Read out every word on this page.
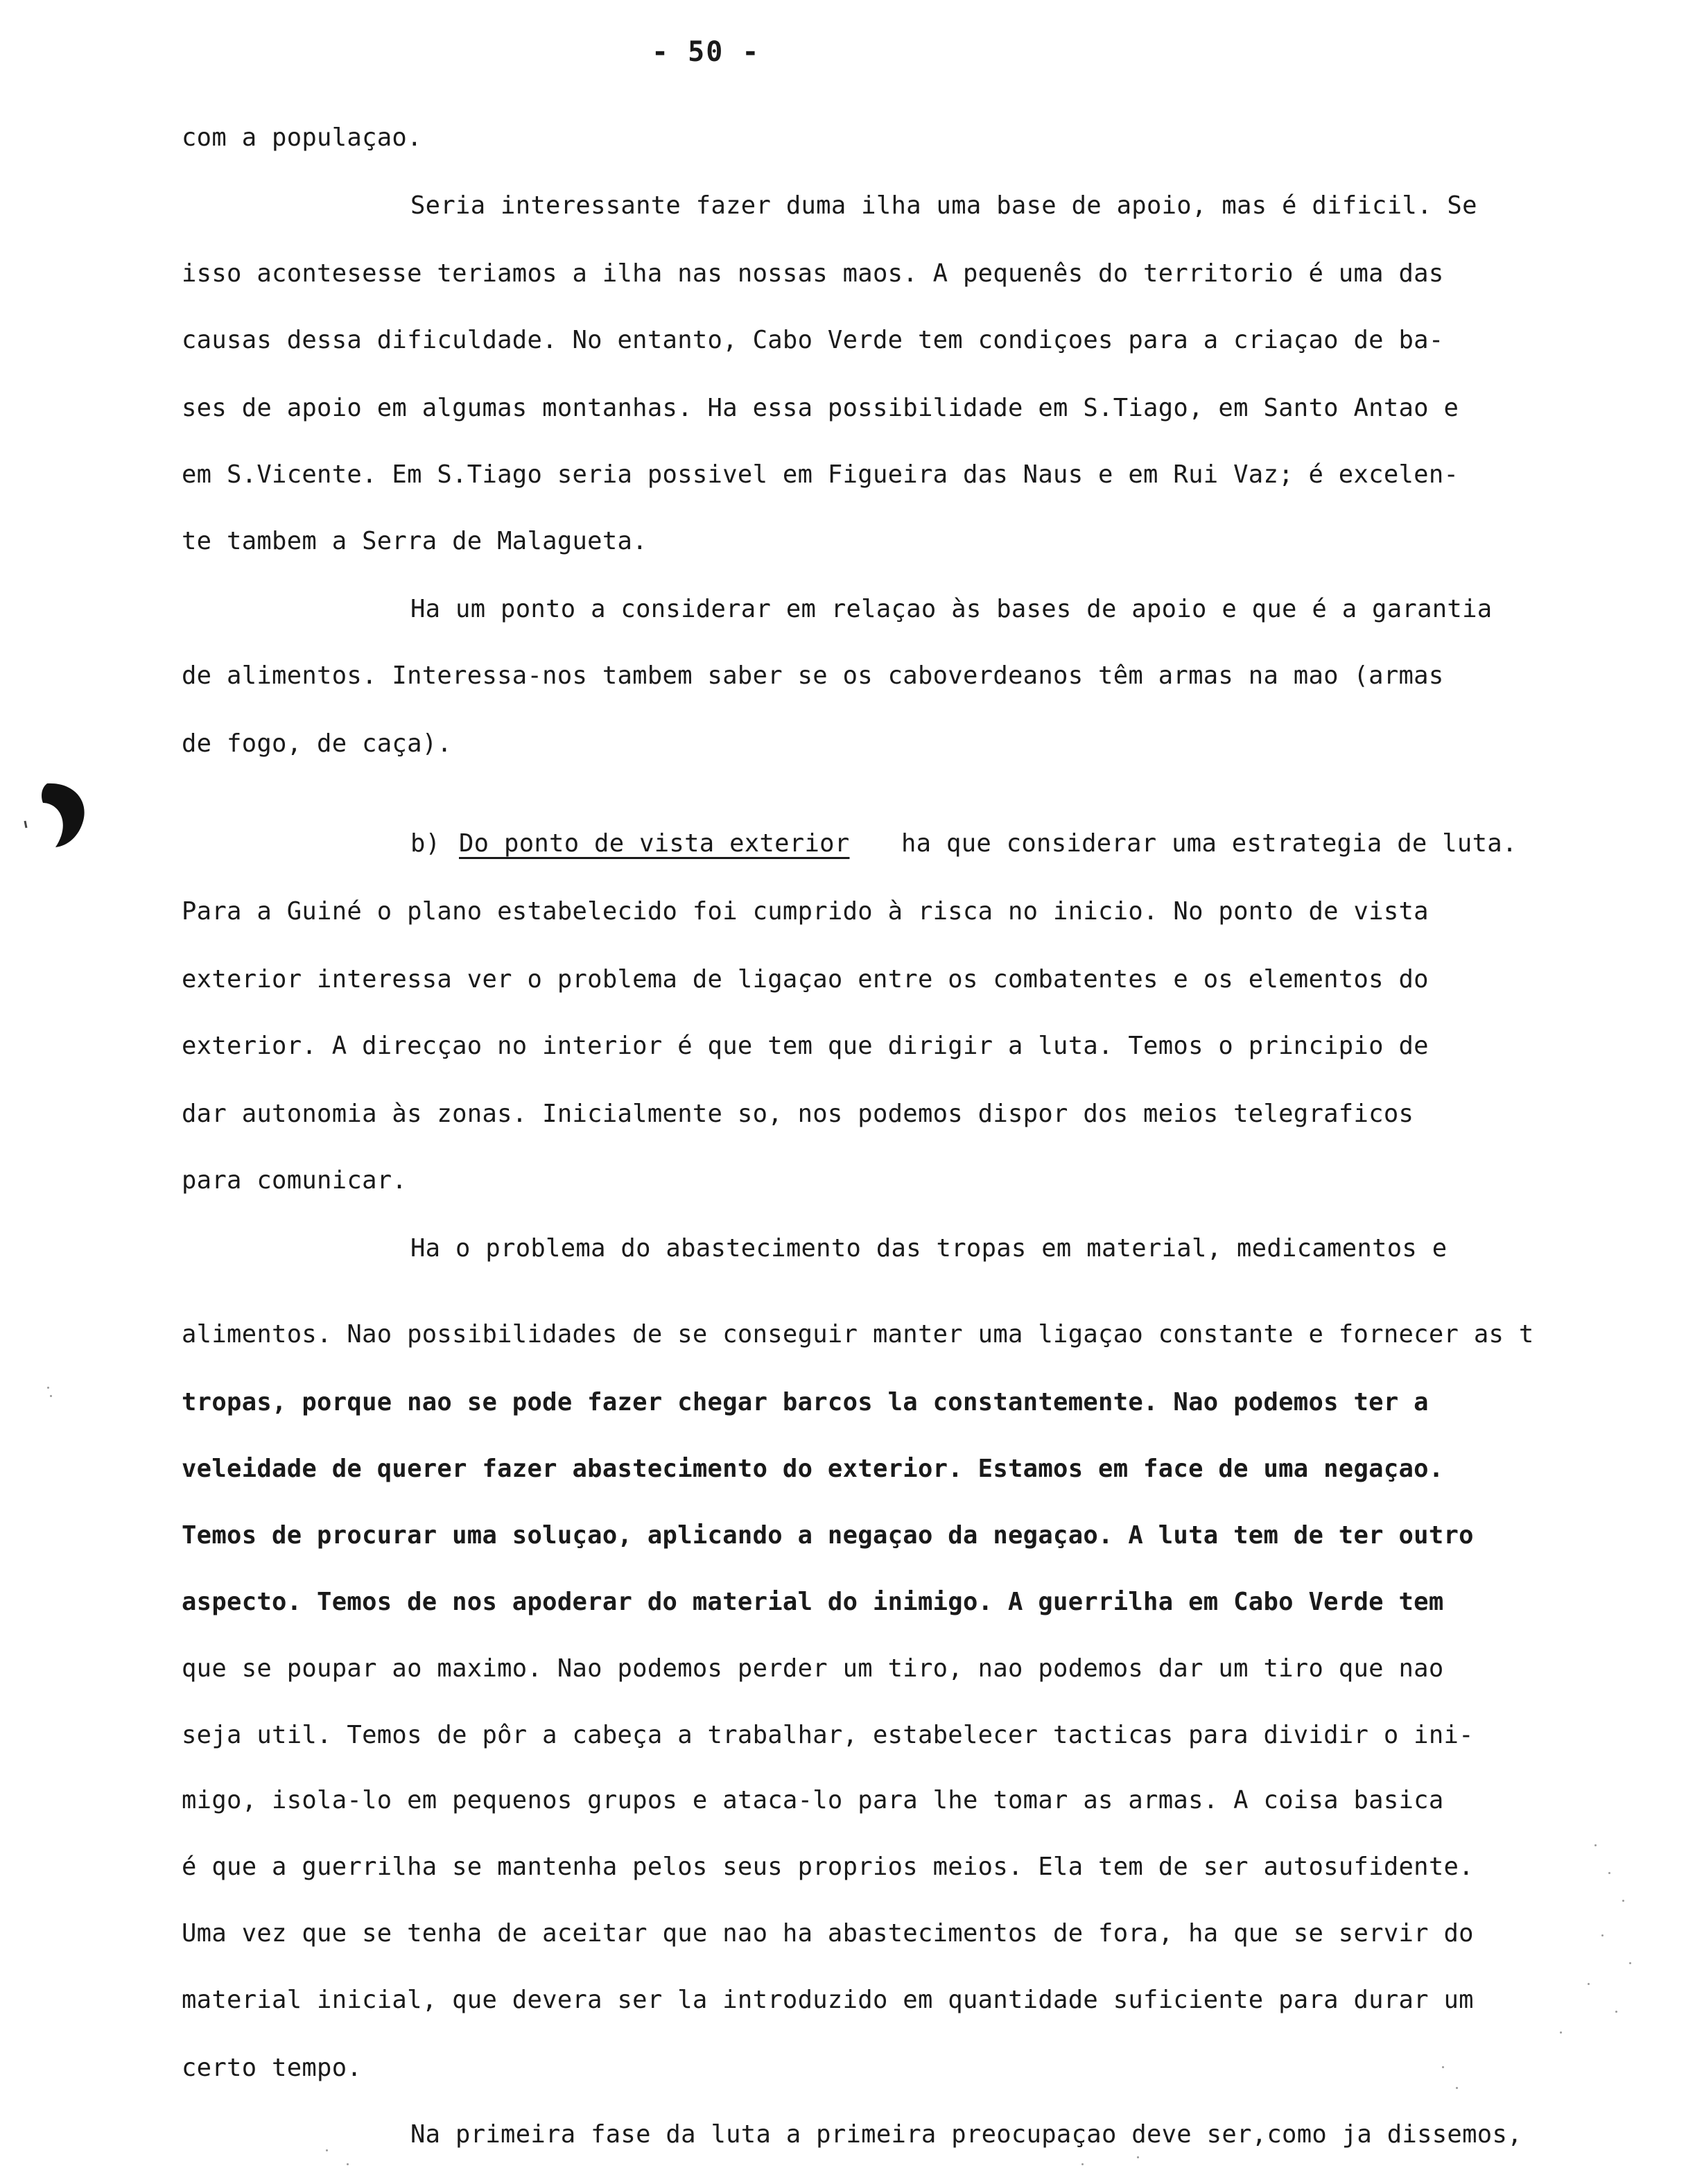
- 50 -
com a populaçao.
Seria interessante fazer duma ilha uma base de apoio, mas é dificil. Se
isso acontesesse teriamos a ilha nas nossas maos. A pequenês do territorio é uma das
causas dessa dificuldade. No entanto, Cabo Verde tem condiçoes para a criaçao de ba-
ses de apoio em algumas montanhas. Ha essa possibilidade em S.Tiago, em Santo Antao e
em S.Vicente. Em S.Tiago seria possivel em Figueira das Naus e em Rui Vaz; é excelen-
te tambem a Serra de Malagueta.
Ha um ponto a considerar em relaçao às bases de apoio e que é a garantia
de alimentos. Interessa-nos tambem saber se os caboverdeanos têm armas na mao (armas
de fogo, de caça).
b) Do ponto de vista exterior ha que considerar uma estrategia de luta.
Para a Guiné o plano estabelecido foi cumprido à risca no inicio. No ponto de vista
exterior interessa ver o problema de ligaçao entre os combatentes e os elementos do
exterior. A direcçao no interior é que tem que dirigir a luta. Temos o principio de
dar autonomia às zonas. Inicialmente so, nos podemos dispor dos meios telegraficos
para comunicar.
Ha o problema do abastecimento das tropas em material, medicamentos e
alimentos. Nao possibilidades de se conseguir manter uma ligaçao constante e fornecer as t
tropas, porque nao se pode fazer chegar barcos la constantemente. Nao podemos ter a
veleidade de querer fazer abastecimento do exterior. Estamos em face de uma negaçao.
Temos de procurar uma soluçao, aplicando a negaçao da negaçao. A luta tem de ter outro
aspecto. Temos de nos apoderar do material do inimigo. A guerrilha em Cabo Verde tem
que se poupar ao maximo. Nao podemos perder um tiro, nao podemos dar um tiro que nao
seja util. Temos de pôr a cabeça a trabalhar, estabelecer tacticas para dividir o ini-
migo, isola-lo em pequenos grupos e ataca-lo para lhe tomar as armas. A coisa basica
é que a guerrilha se mantenha pelos seus proprios meios. Ela tem de ser autosufidente.
Uma vez que se tenha de aceitar que nao ha abastecimentos de fora, ha que se servir do
material inicial, que devera ser la introduzido em quantidade suficiente para durar um
certo tempo.
Na primeira fase da luta a primeira preocupaçao deve ser,como ja dissemos,
